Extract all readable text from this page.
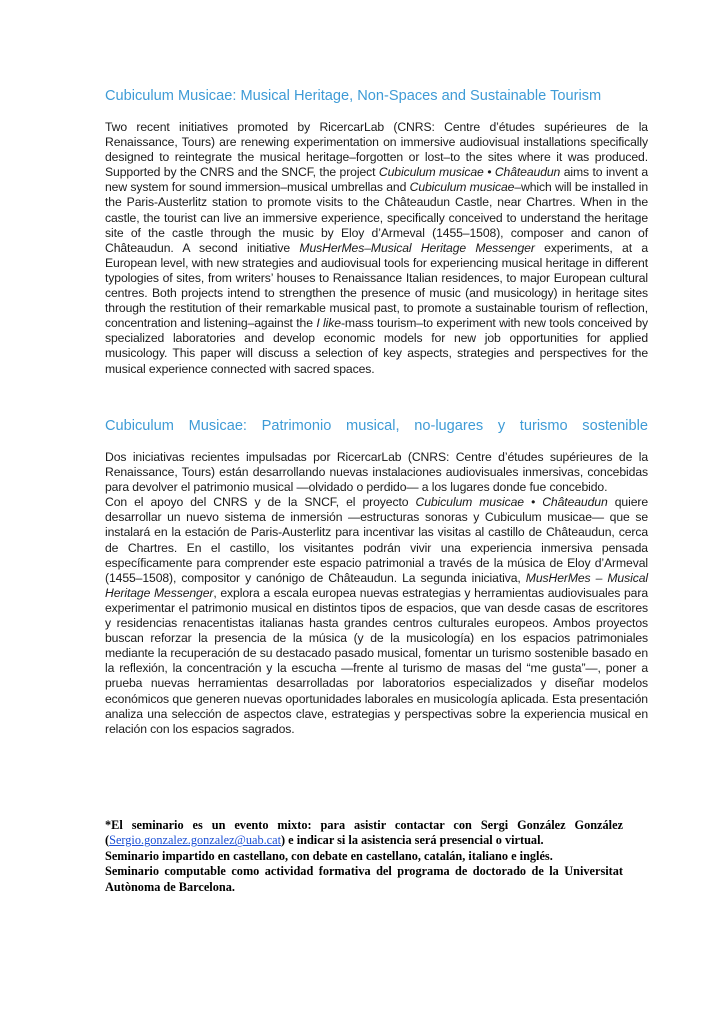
Cubiculum Musicae: Musical Heritage, Non-Spaces and Sustainable Tourism

Two recent initiatives promoted by RicercarLab (CNRS: Centre d’études supérieures de la Renaissance, Tours) are renewing experimentation on immersive audiovisual installations specifically designed to reintegrate the musical heritage–forgotten or lost–to the sites where it was produced. Supported by the CNRS and the SNCF, the project Cubiculum musicae • Châteaudun aims to invent a new system for sound immersion–musical umbrellas and Cubiculum musicae–which will be installed in the Paris-Austerlitz station to promote visits to the Châteaudun Castle, near Chartres. When in the castle, the tourist can live an immersive experience, specifically conceived to understand the heritage site of the castle through the music by Eloy d’Armeval (1455–1508), composer and canon of Châteaudun. A second initiative MusHerMes–Musical Heritage Messenger experiments, at a European level, with new strategies and audiovisual tools for experiencing musical heritage in different typologies of sites, from writers’ houses to Renaissance Italian residences, to major European cultural centres. Both projects intend to strengthen the presence of music (and musicology) in heritage sites through the restitution of their remarkable musical past, to promote a sustainable tourism of reflection, concentration and listening–against the I like-mass tourism–to experiment with new tools conceived by specialized laboratories and develop economic models for new job opportunities for applied musicology. This paper will discuss a selection of key aspects, strategies and perspectives for the musical experience connected with sacred spaces.

Cubiculum Musicae: Patrimonio musical, no-lugares y turismo sostenible

Dos iniciativas recientes impulsadas por RicercarLab (CNRS: Centre d’études supérieures de la Renaissance, Tours) están desarrollando nuevas instalaciones audiovisuales inmersivas, concebidas para devolver el patrimonio musical —olvidado o perdido— a los lugares donde fue concebido.
Con el apoyo del CNRS y de la SNCF, el proyecto Cubiculum musicae • Châteaudun quiere desarrollar un nuevo sistema de inmersión —estructuras sonoras y Cubiculum musicae— que se instalará en la estación de Paris-Austerlitz para incentivar las visitas al castillo de Châteaudun, cerca de Chartres. En el castillo, los visitantes podrán vivir una experiencia inmersiva pensada específicamente para comprender este espacio patrimonial a través de la música de Eloy d’Armeval (1455–1508), compositor y canónigo de Châteaudun. La segunda iniciativa, MusHerMes – Musical Heritage Messenger, explora a escala europea nuevas estrategias y herramientas audiovisuales para experimentar el patrimonio musical en distintos tipos de espacios, que van desde casas de escritores y residencias renacentistas italianas hasta grandes centros culturales europeos. Ambos proyectos buscan reforzar la presencia de la música (y de la musicología) en los espacios patrimoniales mediante la recuperación de su destacado pasado musical, fomentar un turismo sostenible basado en la reflexión, la concentración y la escucha —frente al turismo de masas del “me gusta”—, poner a prueba nuevas herramientas desarrolladas por laboratorios especializados y diseñar modelos económicos que generen nuevas oportunidades laborales en musicología aplicada. Esta presentación analiza una selección de aspectos clave, estrategias y perspectivas sobre la experiencia musical en relación con los espacios sagrados.

*El seminario es un evento mixto: para asistir contactar con Sergi González González (Sergio.gonzalez.gonzalez@uab.cat) e indicar si la asistencia será presencial o virtual.

Seminario impartido en castellano, con debate en castellano, catalán, italiano e inglés.

Seminario computable como actividad formativa del programa de doctorado de la Universitat Autònoma de Barcelona.
